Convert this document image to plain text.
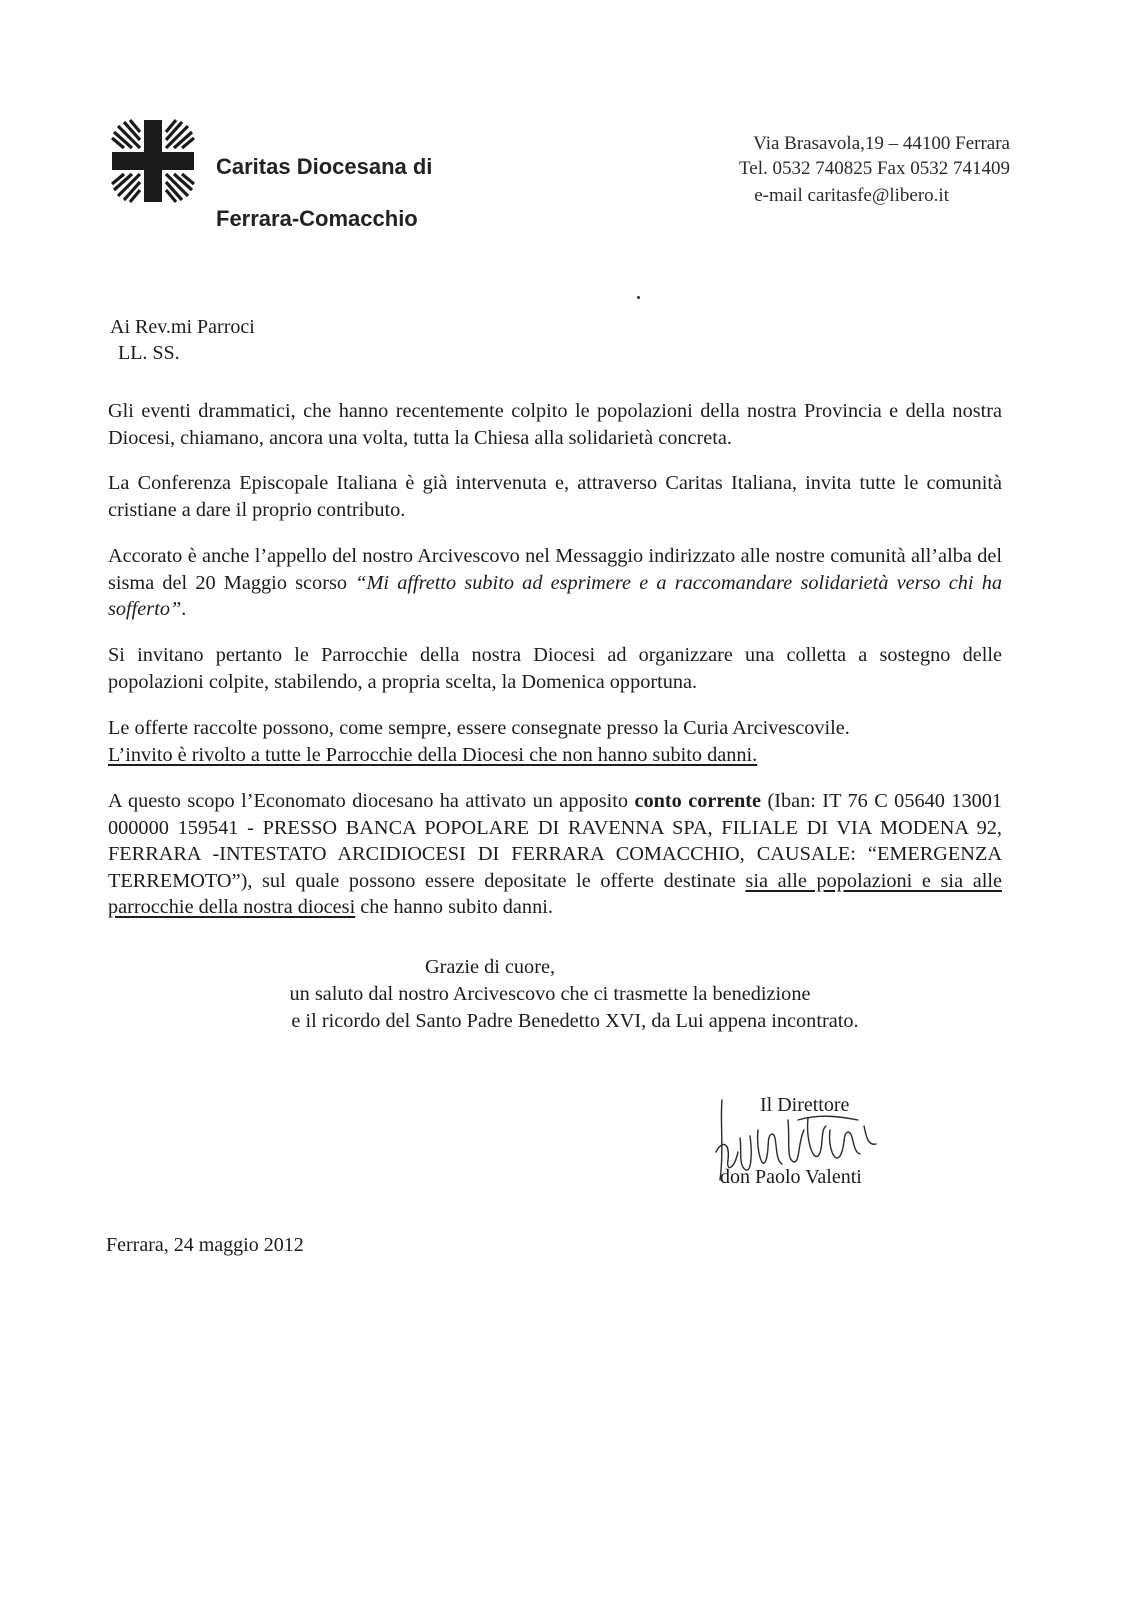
Caritas Diocesana di
Ferrara-Comacchio
Via Brasavola,19 – 44100 Ferrara
Tel. 0532 740825 Fax 0532 741409
e-mail caritasfe@libero.it
Ai Rev.mi Parroci
LL. SS.
Gli eventi drammatici, che hanno recentemente colpito le popolazioni della nostra Provincia e della nostra Diocesi, chiamano, ancora una volta, tutta la Chiesa alla solidarietà concreta.
La Conferenza Episcopale Italiana è già intervenuta e, attraverso Caritas Italiana, invita tutte le comunità cristiane a dare il proprio contributo.
Accorato è anche l’appello del nostro Arcivescovo nel Messaggio indirizzato alle nostre comunità all’alba del sisma del 20 Maggio scorso “Mi affretto subito ad esprimere e a raccomandare solidarietà verso chi ha sofferto”.
Si invitano pertanto le Parrocchie della nostra Diocesi ad organizzare una colletta a sostegno delle popolazioni colpite, stabilendo, a propria scelta, la Domenica opportuna.
Le offerte raccolte possono, come sempre, essere consegnate presso la Curia Arcivescovile.
L’invito è rivolto a tutte le Parrocchie della Diocesi che non hanno subito danni.
A questo scopo l’Economato diocesano ha attivato un apposito conto corrente (Iban: IT 76 C 05640 13001 000000 159541 - PRESSO BANCA POPOLARE DI RAVENNA SPA, FILIALE DI VIA MODENA 92, FERRARA -INTESTATO ARCIDIOCESI DI FERRARA COMACCHIO, CAUSALE: “EMERGENZA TERREMOTO”), sul quale possono essere depositate le offerte destinate sia alle popolazioni e sia alle parrocchie della nostra diocesi che hanno subito danni.
Grazie di cuore,
un saluto dal nostro Arcivescovo che ci trasmette la benedizione
e il ricordo del Santo Padre Benedetto XVI, da Lui appena incontrato.
Il Direttore
don Paolo Valenti
Ferrara, 24 maggio 2012
